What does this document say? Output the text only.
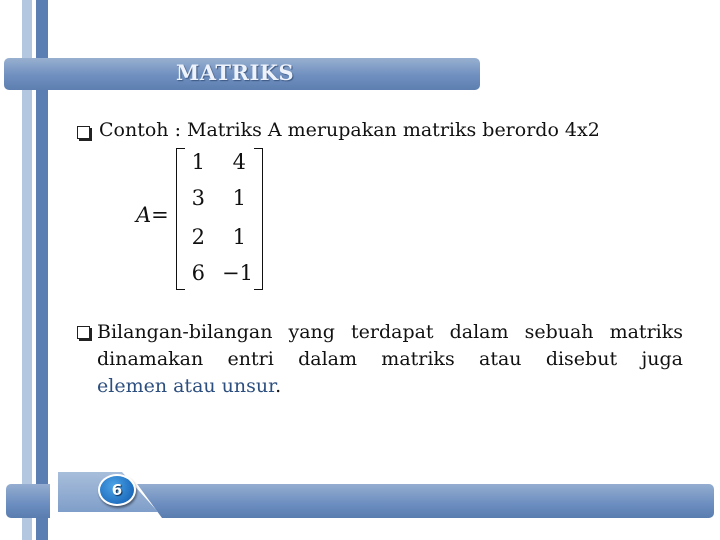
MATRIKS
Contoh : Matriks A merupakan matriks berordo 4x2
A=
1	4
3	1
2	1
6 −1
Bilangan-bilangan yang terdapat dalam sebuah matriks
dinamakan entri dalam matriks atau disebut juga
elemen atau unsur.
6
